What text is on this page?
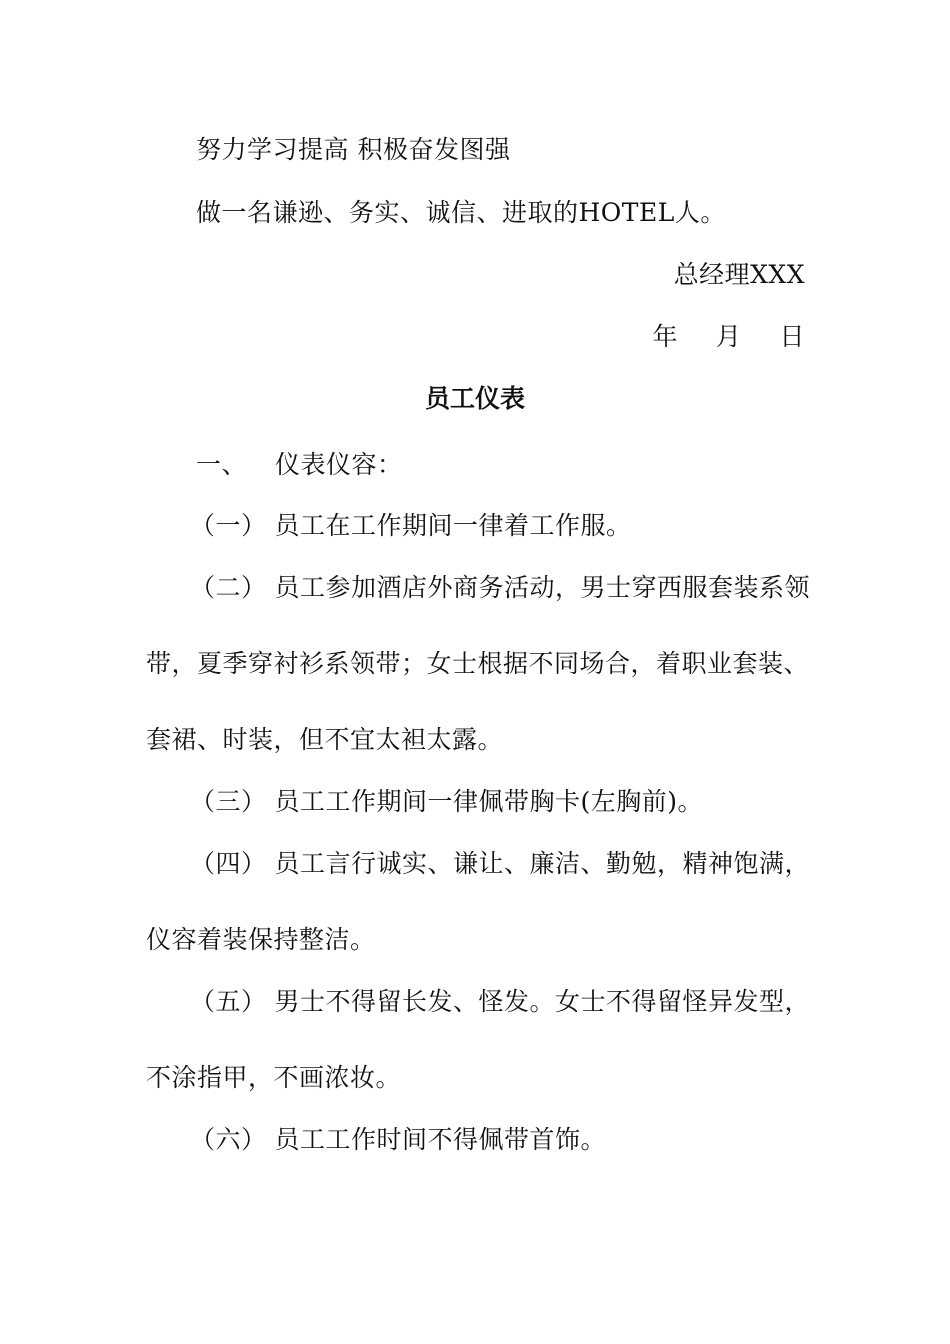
努力学习提高 积极奋发图强
做一名谦逊、务实、诚信、进取的HOTEL人。
总经理XXX
年 月 日
员工仪表
一、 仪表仪容：
（一） 员工在工作期间一律着工作服。
（二） 员工参加酒店外商务活动，男士穿西服套装系领
带，夏季穿衬衫系领带；女士根据不同场合，着职业套装、
套裙、时装，但不宜太袒太露。
（三） 员工工作期间一律佩带胸卡(左胸前)。
（四） 员工言行诚实、谦让、廉洁、勤勉，精神饱满，
仪容着装保持整洁。
（五） 男士不得留长发、怪发。女士不得留怪异发型，
不涂指甲，不画浓妆。
（六） 员工工作时间不得佩带首饰。
